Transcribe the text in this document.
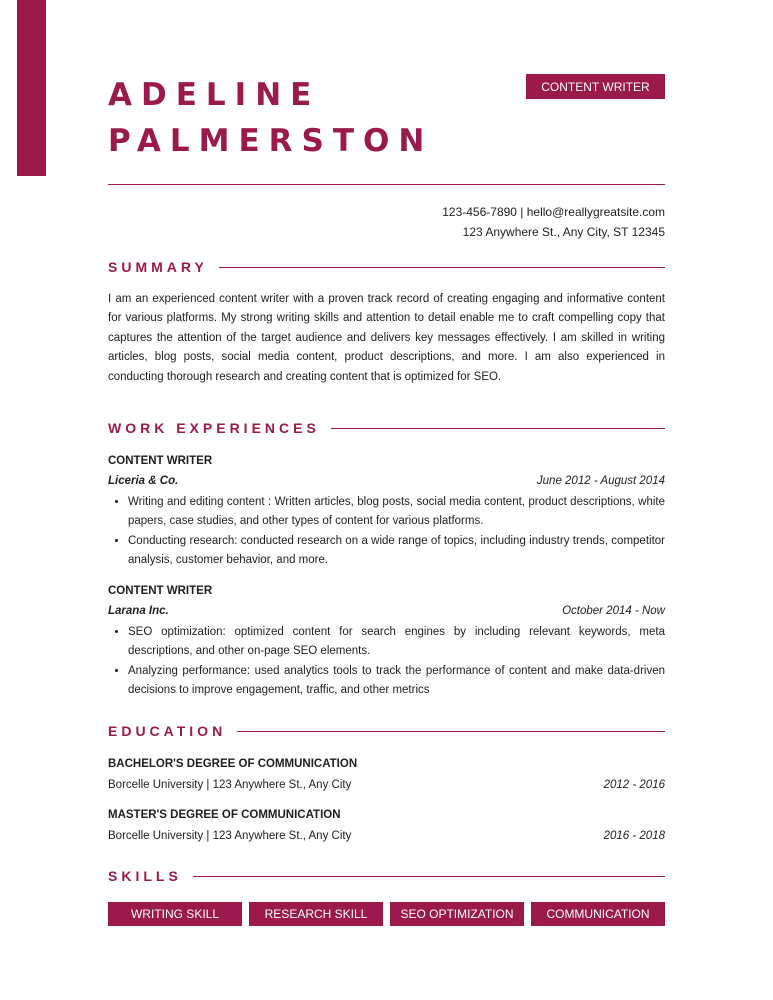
ADELINE
PALMERSTON
CONTENT WRITER
123-456-7890 | hello@reallygreatsite.com
123 Anywhere St., Any City, ST 12345
SUMMARY

I am an experienced content writer with a proven track record of creating engaging and informative content for various platforms. My strong writing skills and attention to detail enable me to craft compelling copy that captures the attention of the target audience and delivers key messages effectively. I am skilled in writing articles, blog posts, social media content, product descriptions, and more. I am also experienced in conducting thorough research and creating content that is optimized for SEO.

WORK EXPERIENCES
CONTENT WRITER
Liceria & Co.	June 2012 - August 2014
• Writing and editing content : Written articles, blog posts, social media content, product descriptions, white papers, case studies, and other types of content for various platforms.
• Conducting research: conducted research on a wide range of topics, including industry trends, competitor analysis, customer behavior, and more.
CONTENT WRITER
Larana Inc.	October 2014 - Now
• SEO optimization: optimized content for search engines by including relevant keywords, meta descriptions, and other on-page SEO elements.
• Analyzing performance: used analytics tools to track the performance of content and make data-driven decisions to improve engagement, traffic, and other metrics
EDUCATION
BACHELOR'S DEGREE OF COMMUNICATION
Borcelle University | 123 Anywhere St., Any City	2012 - 2016
MASTER'S DEGREE OF COMMUNICATION
Borcelle University | 123 Anywhere St., Any City	2016 - 2018
SKILLS
WRITING SKILL	RESEARCH SKILL	SEO OPTIMIZATION	COMMUNICATION
